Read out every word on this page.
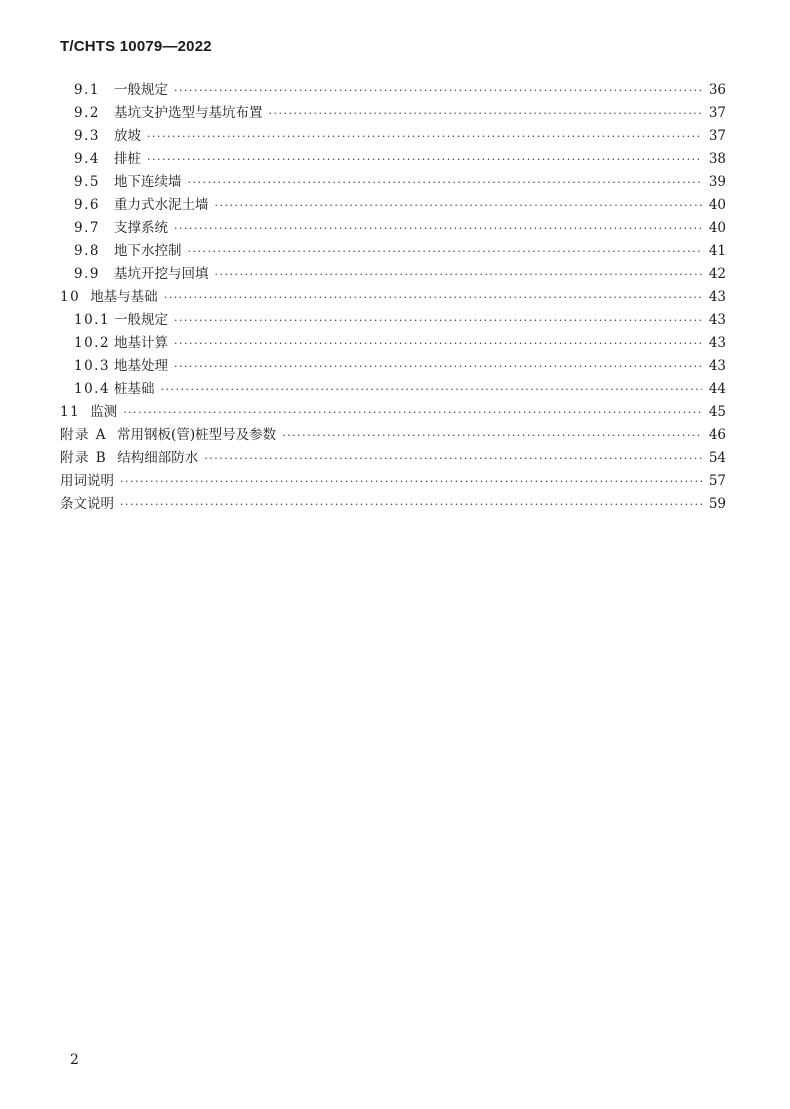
T/CHTS 10079—2022
9.1	一般规定 ·····	36
9.2	基坑支护选型与基坑布置 ·····	37
9.3	放坡 ·····	37
9.4	排桩 ·····	38
9.5	地下连续墙 ·····	39
9.6	重力式水泥土墙 ·····	40
9.7	支撑系统 ·····	40
9.8	地下水控制 ·····	41
9.9	基坑开挖与回填 ·····	42
10 地基与基础 ·····	43
10.1 一般规定 ·····	43
10.2 地基计算 ·····	43
10.3 地基处理 ·····	43
10.4 桩基础 ·····	44
11 监测 ·····	45
附录 A 常用钢板(管)桩型号及参数 ·····	46
附录 B 结构细部防水 ·····	54
用词说明 ·····	57
条文说明 ·····	59
2
